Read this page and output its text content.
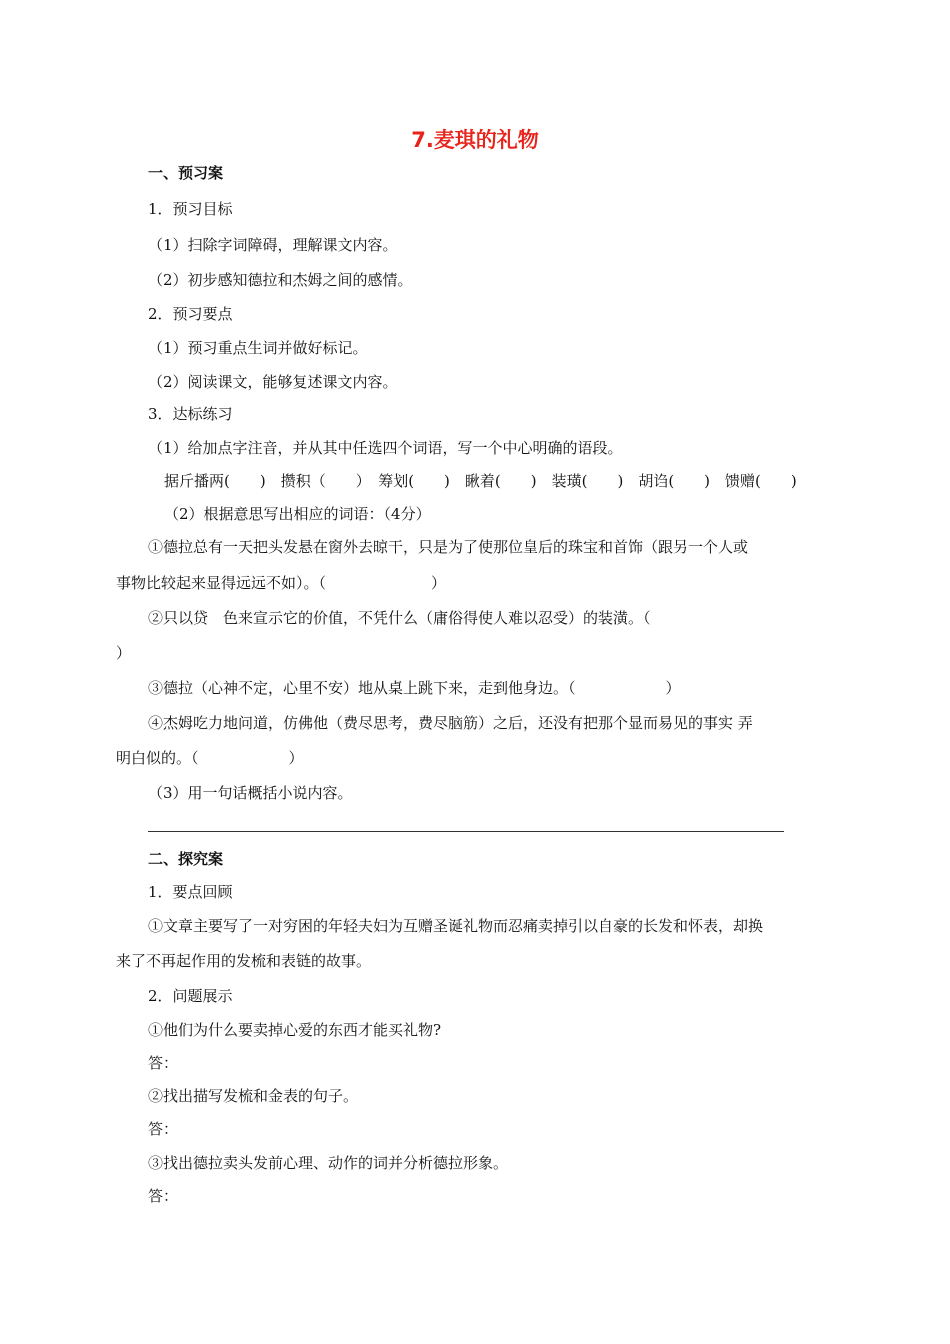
7.麦琪的礼物
一、预习案
1．预习目标
（1）扫除字词障碍，理解课文内容。
（2）初步感知德拉和杰姆之间的感情。
2．预习要点
（1）预习重点生词并做好标记。
（2）阅读课文，能够复述课文内容。
3．达标练习
（1）给加点字注音，并从其中任选四个词语，写一个中心明确的语段。
据斤播两(　　)　攒积（　　）　筹划(　　)　瞅着(　　)　装璜(　　)　胡诌(　　)　馈赠(　　)
（2）根据意思写出相应的词语：（4分）
①德拉总有一天把头发悬在窗外去晾干，只是为了使那位皇后的珠宝和首饰（跟另一个人或
事物比较起来显得远远不如）。（　　　　　　　）
②只以贷　色来宣示它的价值，不凭什么（庸俗得使人难以忍受）的装潢。（
）
③德拉（心神不定，心里不安）地从桌上跳下来，走到他身边。（　　　　　　）
④杰姆吃力地问道，仿佛他（费尽思考，费尽脑筋）之后，还没有把那个显而易见的事实 弄
明白似的。（　　　　　　）
（3）用一句话概括小说内容。
二、探究案
1．要点回顾
①文章主要写了一对穷困的年轻夫妇为互赠圣诞礼物而忍痛卖掉引以自豪的长发和怀表，却换
来了不再起作用的发梳和表链的故事。
2．问题展示
①他们为什么要卖掉心爱的东西才能买礼物?
答：
②找出描写发梳和金表的句子。
答：
③找出德拉卖头发前心理、动作的词并分析德拉形象。
答：
